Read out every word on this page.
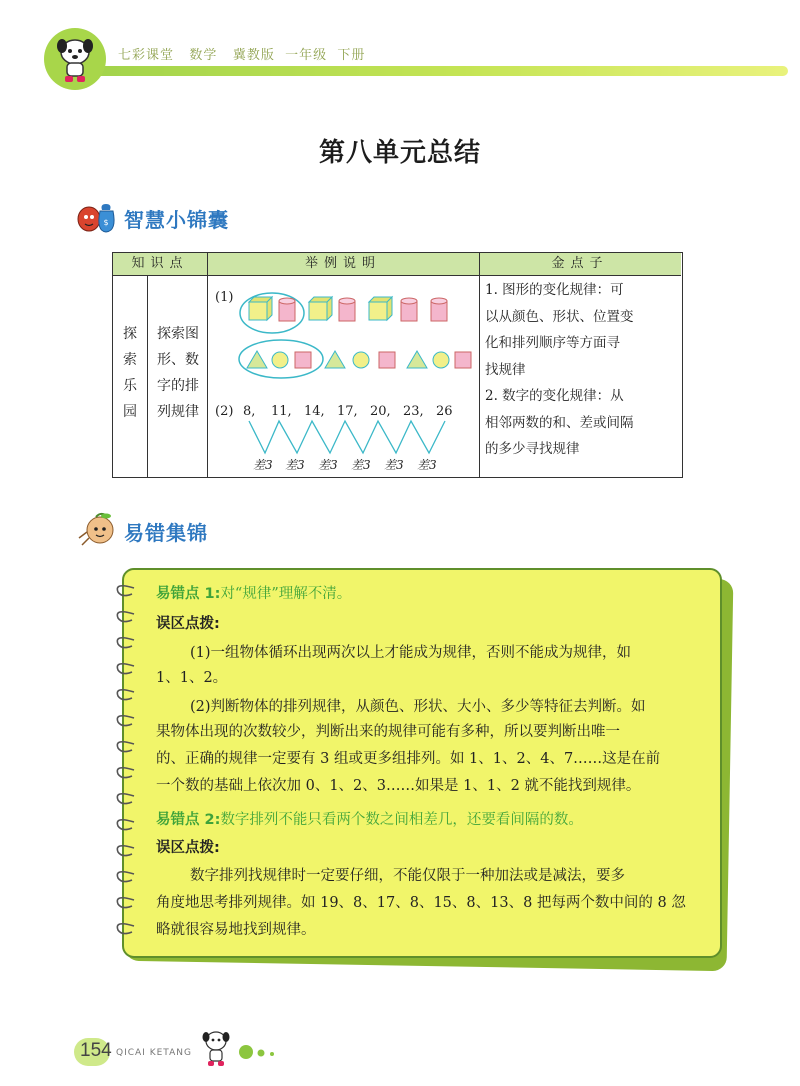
七彩课堂 数学 冀教版 一年级 下册
第八单元总结
$ 智慧小锦囊
知识点	举例说明	金点子
探
索
乐
园
探索图
形、数
字的排
列规律
(1)
(2) 8, 11, 14, 17, 20, 23, 26
差3 差3 差3 差3 差3 差3
1. 图形的变化规律：可
以从颜色、形状、位置变
化和排列顺序等方面寻
找规律
2. 数字的变化规律：从
相邻两数的和、差或间隔
的多少寻找规律
易错集锦
易错点 1:对“规律”理解不清。
误区点拨:
(1)一组物体循环出现两次以上才能成为规律，否则不能成为规律，如
1、1、2。
(2)判断物体的排列规律，从颜色、形状、大小、多少等特征去判断。如
果物体出现的次数较少，判断出来的规律可能有多种，所以要判断出唯一
的、正确的规律一定要有 3 组或更多组排列。如 1、1、2、4、7……这是在前
一个数的基础上依次加 0、1、2、3……如果是 1、1、2 就不能找到规律。
易错点 2:数字排列不能只看两个数之间相差几，还要看间隔的数。
误区点拨:
数字排列找规律时一定要仔细，不能仅限于一种加法或是减法，要多
角度地思考排列规律。如 19、8、17、8、15、8、13、8 把每两个数中间的 8 忽
略就很容易地找到规律。
154 QICAI KETANG
